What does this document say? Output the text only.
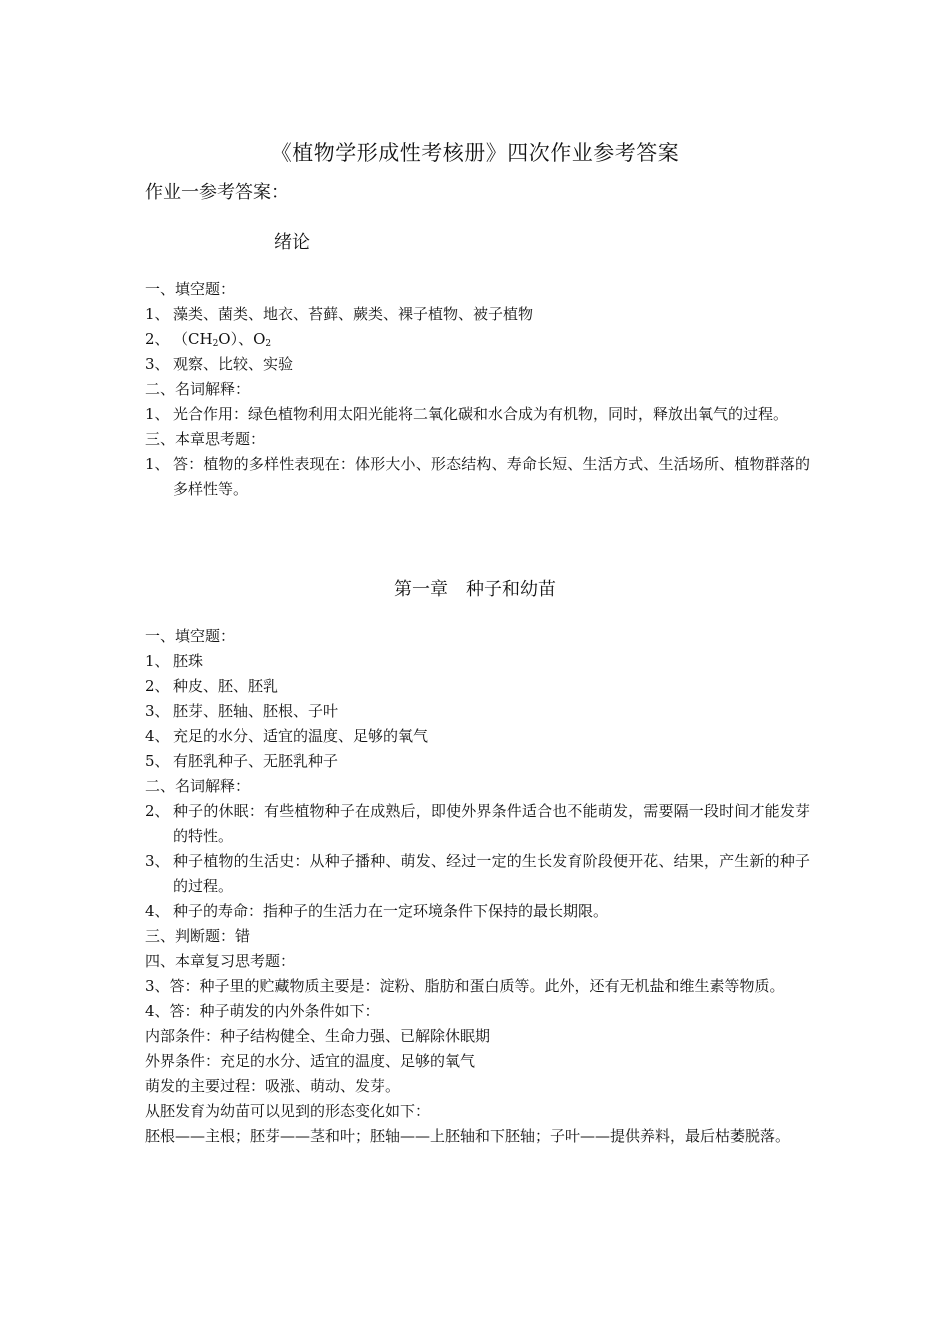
《植物学形成性考核册》四次作业参考答案
作业一参考答案：
绪论
一、填空题：
1、 藻类、菌类、地衣、苔藓、蕨类、裸子植物、被子植物
2、 $(CH_2O)$、$O_2$
3、 观察、比较、实验
二、名词解释：
1、 光合作用：绿色植物利用太阳光能将二氧化碳和水合成为有机物，同时，释放出氧气的过程。
三、本章思考题：
1、 答：植物的多样性表现在：体形大小、形态结构、寿命长短、生活方式、生活场所、植物群落的多样性等。
第一章　种子和幼苗
一、填空题：
1、 胚珠
2、 种皮、胚、胚乳
3、 胚芽、胚轴、胚根、子叶
4、 充足的水分、适宜的温度、足够的氧气
5、 有胚乳种子、无胚乳种子
二、名词解释：
2、 种子的休眠：有些植物种子在成熟后，即使外界条件适合也不能萌发，需要隔一段时间才能发芽的特性。
3、 种子植物的生活史：从种子播种、萌发、经过一定的生长发育阶段便开花、结果，产生新的种子的过程。
4、 种子的寿命：指种子的生活力在一定环境条件下保持的最长期限。
三、判断题：错
四、本章复习思考题：
3、答：种子里的贮藏物质主要是：淀粉、脂肪和蛋白质等。此外，还有无机盐和维生素等物质。
4、答：种子萌发的内外条件如下：
内部条件：种子结构健全、生命力强、已解除休眠期
外界条件：充足的水分、适宜的温度、足够的氧气
萌发的主要过程：吸涨、萌动、发芽。
从胚发育为幼苗可以见到的形态变化如下：
胚根——主根；胚芽——茎和叶；胚轴——上胚轴和下胚轴；子叶——提供养料，最后枯萎脱落。
